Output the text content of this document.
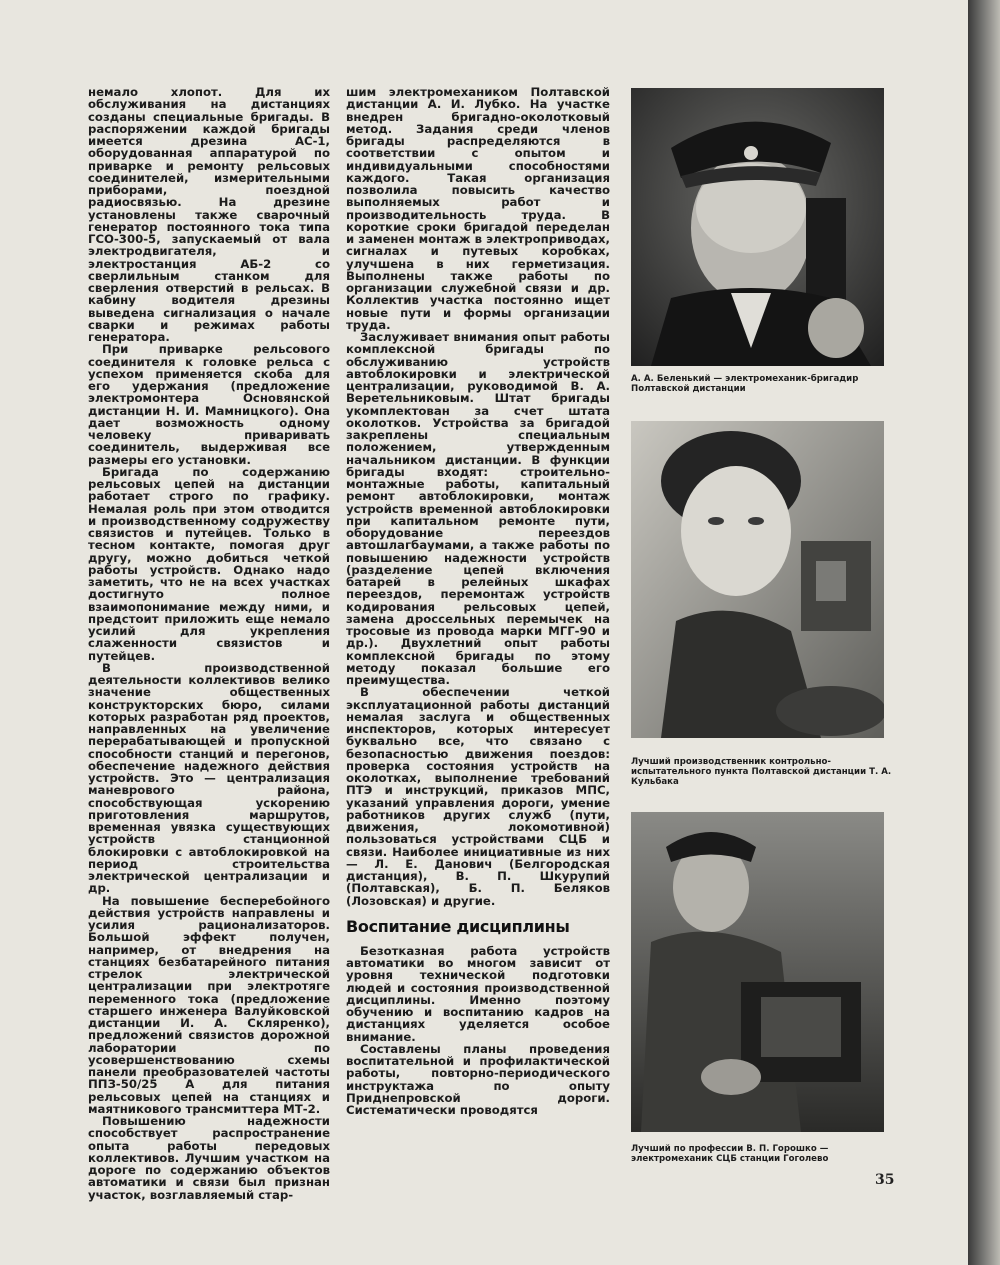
немало хлопот. Для их обслуживания на дистанциях созданы специальные бригады. В распоряжении каждой бригады имеется дрезина АС-1, оборудованная аппаратурой по приварке и ремонту рельсовых соединителей, измерительными приборами, поездной радиосвязью. На дрезине установлены также сварочный генератор постоянного тока типа ГСО-300-5, запускаемый от вала электродвигателя, и электростанция АБ-2 со сверлильным станком для сверления отверстий в рельсах. В кабину водителя дрезины выведена сигнализация о начале сварки и режимах работы генератора.

При приварке рельсового соединителя к головке рельса с успехом применяется скоба для его удержания (предложение электромонтера Основянской дистанции Н. И. Мамницкого). Она дает возможность одному человеку приваривать соединитель, выдерживая все размеры его установки.

Бригада по содержанию рельсовых цепей на дистанции работает строго по графику. Немалая роль при этом отводится и производственному содружеству связистов и путейцев. Только в тесном контакте, помогая друг другу, можно добиться четкой работы устройств. Однако надо заметить, что не на всех участках достигнуто полное взаимопонимание между ними, и предстоит приложить еще немало усилий для укрепления слаженности связистов и путейцев.

В производственной деятельности коллективов велико значение общественных конструкторских бюро, силами которых разработан ряд проектов, направленных на увеличение перерабатывающей и пропускной способности станций и перегонов, обеспечение надежного действия устройств. Это — централизация маневрового района, способствующая ускорению приготовления маршрутов, временная увязка существующих устройств станционной блокировки с автоблокировкой на период строительства электрической централизации и др.

На повышение бесперебойного действия устройств направлены и усилия рационализаторов. Большой эффект получен, например, от внедрения на станциях безбатарейного питания стрелок электрической централизации при электротяге переменного тока (предложение старшего инженера Валуйковской дистанции И. А. Скляренко), предложений связистов дорожной лаборатории по усовершенствованию схемы панели преобразователей частоты ППЗ-50/25 А для питания рельсовых цепей на станциях и маятникового трансмиттера МТ-2.

Повышению надежности способствует распространение опыта работы передовых коллективов. Лучшим участком на дороге по содержанию объектов автоматики и связи был признан участок, возглавляемый стар-

шим электромехаником Полтавской дистанции А. И. Лубко. На участке внедрен бригадно-околотковый метод. Задания среди членов бригады распределяются в соответствии с опытом и индивидуальными способностями каждого. Такая организация позволила повысить качество выполняемых работ и производительность труда. В короткие сроки бригадой переделан и заменен монтаж в электроприводах, сигналах и путевых коробках, улучшена в них герметизация. Выполнены также работы по организации служебной связи и др. Коллектив участка постоянно ищет новые пути и формы организации труда.

Заслуживает внимания опыт работы комплексной бригады по обслуживанию устройств автоблокировки и электрической централизации, руководимой В. А. Веретельниковым. Штат бригады укомплектован за счет штата околотков. Устройства за бригадой закреплены специальным положением, утвержденным начальником дистанции. В функции бригады входят: строительно-монтажные работы, капитальный ремонт автоблокировки, монтаж устройств временной автоблокировки при капитальном ремонте пути, оборудование переездов автошлагбаумами, а также работы по повышению надежности устройств (разделение цепей включения батарей в релейных шкафах переездов, перемонтаж устройств кодирования рельсовых цепей, замена дроссельных перемычек на тросовые из провода марки МГГ-90 и др.). Двухлетний опыт работы комплексной бригады по этому методу показал большие его преимущества.

В обеспечении четкой эксплуатационной работы дистанций немалая заслуга и общественных инспекторов, которых интересует буквально все, что связано с безопасностью движения поездов: проверка состояния устройств на околотках, выполнение требований ПТЭ и инструкций, приказов МПС, указаний управления дороги, умение работников других служб (пути, движения, локомотивной) пользоваться устройствами СЦБ и связи. Наиболее инициативные из них — Л. Е. Данович (Белгородская дистанция), В. П. Шкурупий (Полтавская), Б. П. Беляков (Лозовская) и другие.

Воспитание дисциплины

Безотказная работа устройств автоматики во многом зависит от уровня технической подготовки людей и состояния производственной дисциплины. Именно поэтому обучению и воспитанию кадров на дистанциях уделяется особое внимание.

Составлены планы проведения воспитательной и профилактической работы, повторно-периодического инструктажа по опыту Приднепровской дороги. Систематически проводятся

А. А. Беленький — электромеханик-бригадир Полтавской дистанции
Лучший производственник контрольно-испытательного пункта Полтавской дистанции Т. А. Кульбака
Лучший по профессии В. П. Горошко — электромеханик СЦБ станции Гоголево
35
